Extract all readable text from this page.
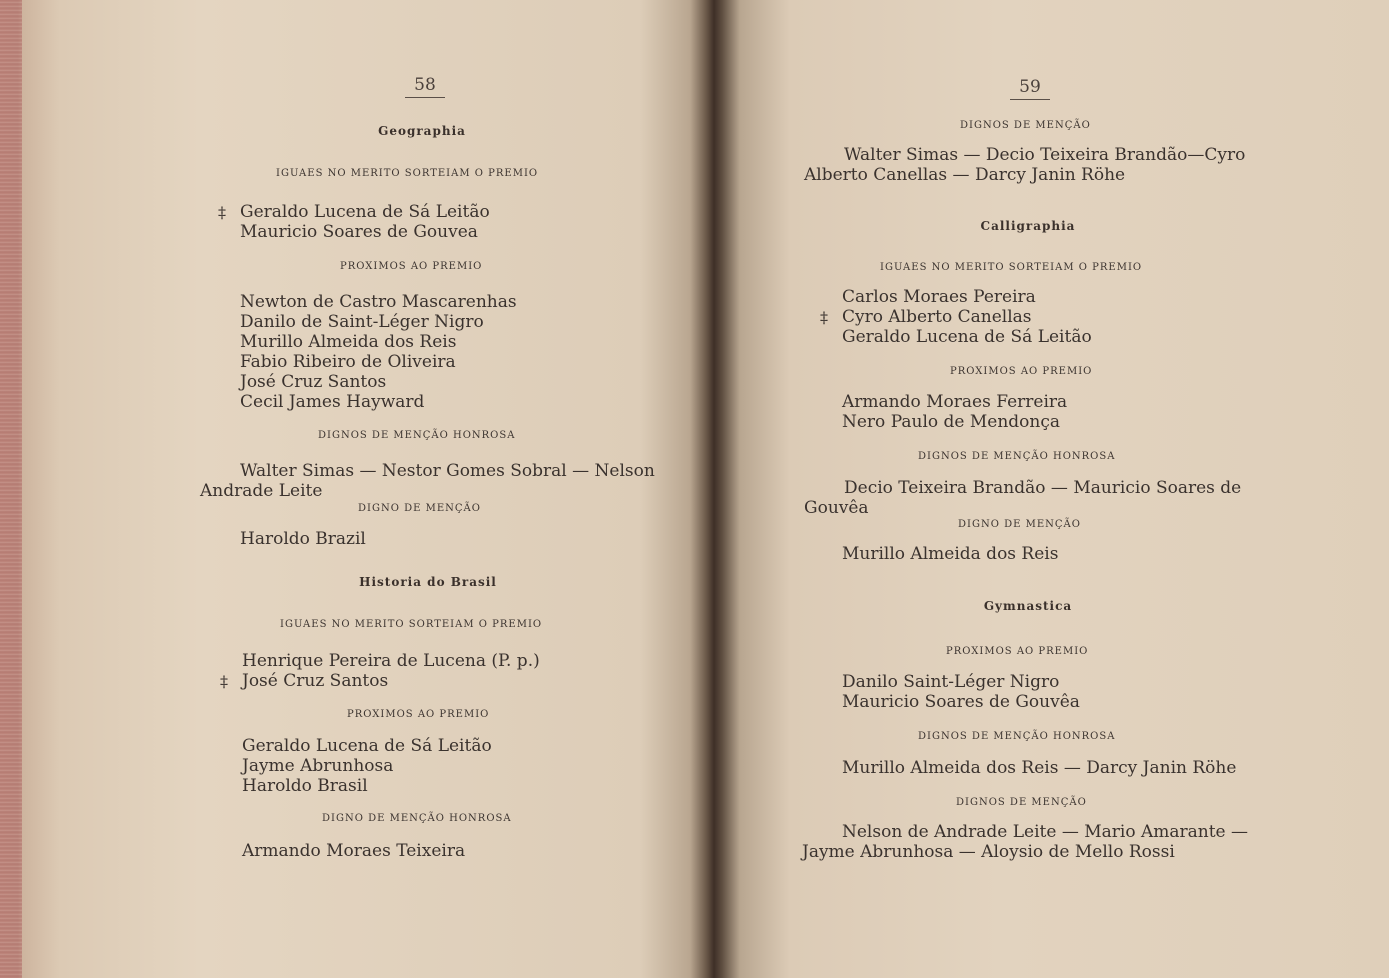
58
Geographia
IGUAES NO MERITO SORTEIAM O PREMIO
‡ Geraldo Lucena de Sá Leitão
Mauricio Soares de Gouvea
PROXIMOS AO PREMIO
Newton de Castro Mascarenhas
Danilo de Saint-Léger Nigro
Murillo Almeida dos Reis
Fabio Ribeiro de Oliveira
José Cruz Santos
Cecil James Hayward
DIGNOS DE MENÇÃO HONROSA
Walter Simas — Nestor Gomes Sobral — Nelson
Andrade Leite
DIGNO DE MENÇÃO
Haroldo Brazil
Historia do Brasil
IGUAES NO MERITO SORTEIAM O PREMIO
Henrique Pereira de Lucena (P. p.)
‡ José Cruz Santos
PROXIMOS AO PREMIO
Geraldo Lucena de Sá Leitão
Jayme Abrunhosa
Haroldo Brasil
DIGNO DE MENÇÃO HONROSA
Armando Moraes Teixeira
59
DIGNOS DE MENÇÃO
Walter Simas — Decio Teixeira Brandão—Cyro
Alberto Canellas — Darcy Janin Röhe
Calligraphia
IGUAES NO MERITO SORTEIAM O PREMIO
Carlos Moraes Pereira
‡ Cyro Alberto Canellas
Geraldo Lucena de Sá Leitão
PROXIMOS AO PREMIO
Armando Moraes Ferreira
Nero Paulo de Mendonça
DIGNOS DE MENÇÃO HONROSA
Decio Teixeira Brandão — Mauricio Soares de
Gouvêa
DIGNO DE MENÇÃO
Murillo Almeida dos Reis
Gymnastica
PROXIMOS AO PREMIO
Danilo Saint-Léger Nigro
Mauricio Soares de Gouvêa
DIGNOS DE MENÇÃO HONROSA
Murillo Almeida dos Reis — Darcy Janin Röhe
DIGNOS DE MENÇÃO
Nelson de Andrade Leite — Mario Amarante —
Jayme Abrunhosa — Aloysio de Mello Rossi
